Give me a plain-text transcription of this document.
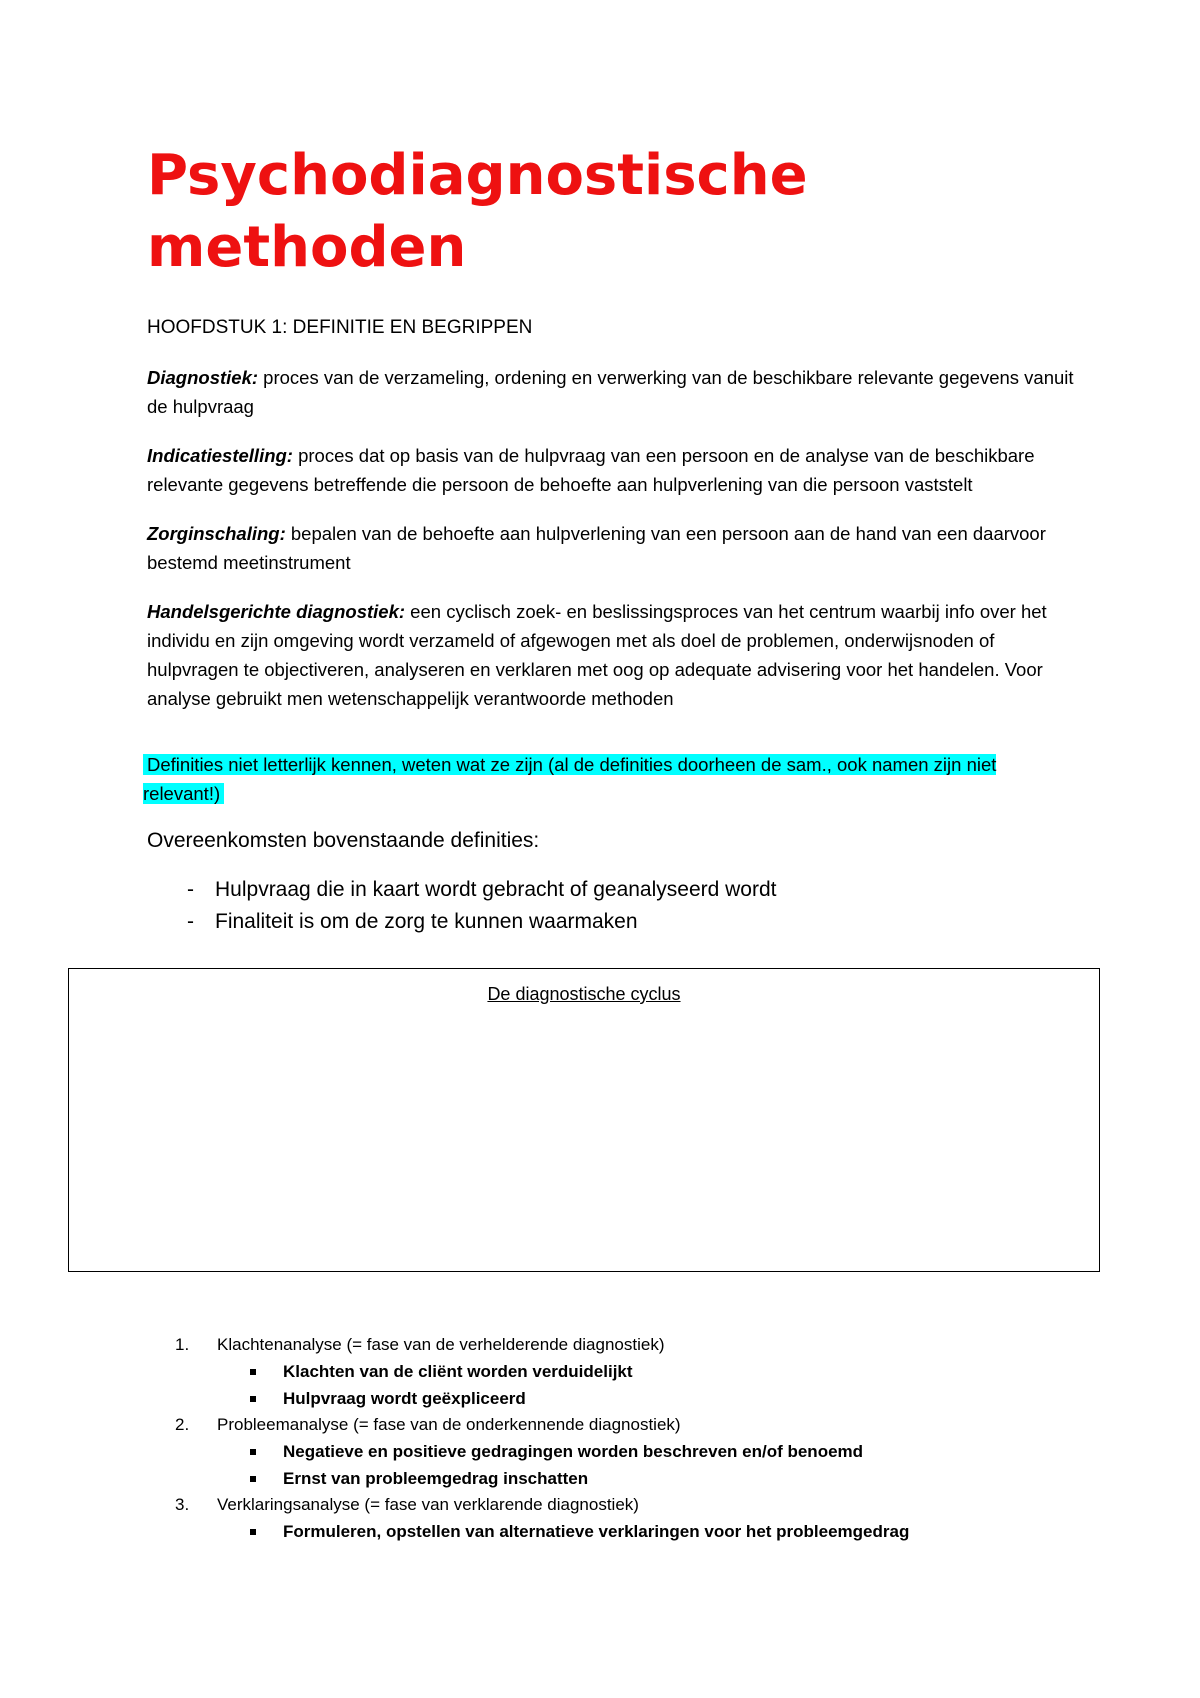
Psychodiagnostische methoden
HOOFDSTUK 1: DEFINITIE EN BEGRIPPEN

Diagnostiek: proces van de verzameling, ordening en verwerking van de beschikbare relevante gegevens vanuit de hulpvraag

Indicatiestelling: proces dat op basis van de hulpvraag van een persoon en de analyse van de beschikbare relevante gegevens betreffende die persoon de behoefte aan hulpverlening van die persoon vaststelt

Zorginschaling: bepalen van de behoefte aan hulpverlening van een persoon aan de hand van een daarvoor bestemd meetinstrument

Handelsgerichte diagnostiek: een cyclisch zoek- en beslissingsproces van het centrum waarbij info over het individu en zijn omgeving wordt verzameld of afgewogen met als doel de problemen, onderwijsnoden of hulpvragen te objectiveren, analyseren en verklaren met oog op adequate advisering voor het handelen. Voor analyse gebruikt men wetenschappelijk verantwoorde methoden

Definities niet letterlijk kennen, weten wat ze zijn (al de definities doorheen de sam., ook namen zijn niet relevant!)

Overeenkomsten bovenstaande definities:
- Hulpvraag die in kaart wordt gebracht of geanalyseerd wordt
- Finaliteit is om de zorg te kunnen waarmaken
De diagnostische cyclus
1. Klachtenanalyse (= fase van de verhelderende diagnostiek)
Klachten van de cliënt worden verduidelijkt
Hulpvraag wordt geëxpliceerd
2. Probleemanalyse (= fase van de onderkennende diagnostiek)
Negatieve en positieve gedragingen worden beschreven en/of benoemd
Ernst van probleemgedrag inschatten
3. Verklaringsanalyse (= fase van verklarende diagnostiek)
Formuleren, opstellen van alternatieve verklaringen voor het probleemgedrag
